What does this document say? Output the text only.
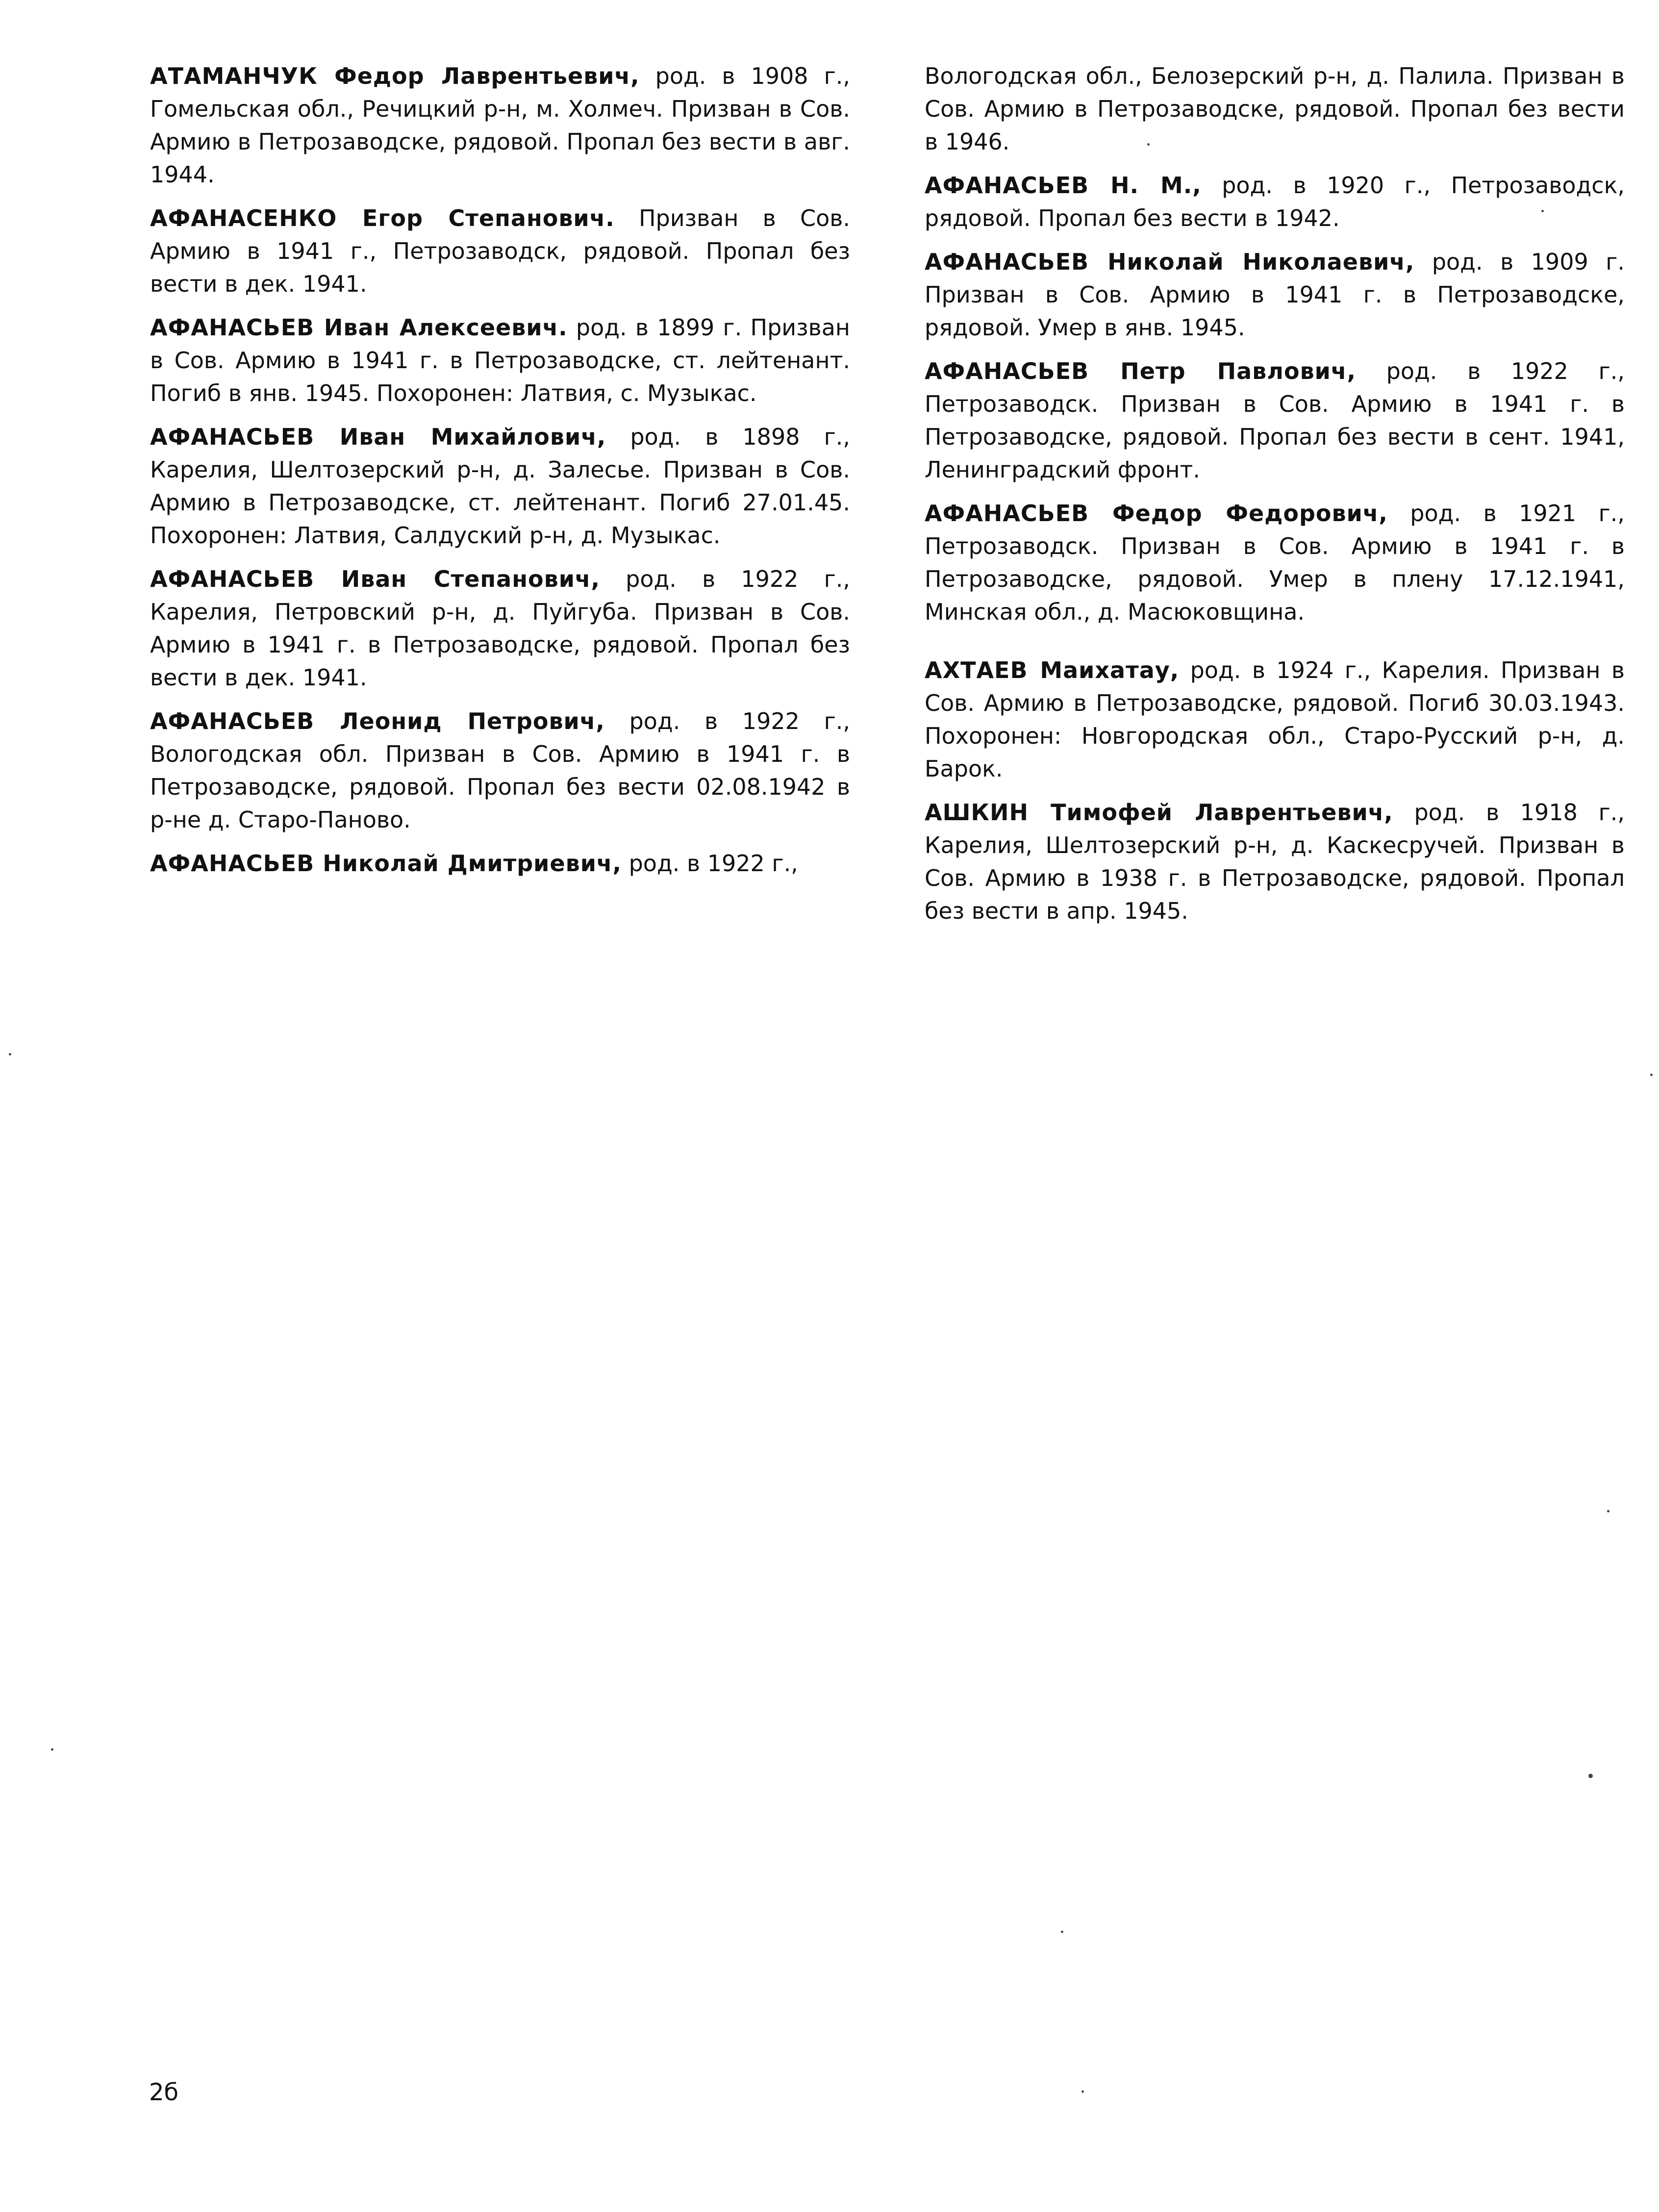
АТАМАНЧУК Федор Лаврентьевич, род. в 1908 г., Гомельская обл., Речицкий р-н, м. Холмеч. Призван в Сов. Армию в Петрозаводске, рядовой. Пропал без вести в авг. 1944.

АФАНАСЕНКО Егор Степанович. Призван в Сов. Армию в 1941 г., Петрозаводск, рядовой. Пропал без вести в дек. 1941.

АФАНАСЬЕВ Иван Алексеевич. род. в 1899 г. Призван в Сов. Армию в 1941 г. в Петрозаводске, ст. лейтенант. Погиб в янв. 1945. Похоронен: Латвия, с. Музыкас.

АФАНАСЬЕВ Иван Михайлович, род. в 1898 г., Карелия, Шелтозерский р-н, д. Залесье. Призван в Сов. Армию в Петрозаводске, ст. лейтенант. Погиб 27.01.45. Похоронен: Латвия, Салдуский р-н, д. Музыкас.

АФАНАСЬЕВ Иван Степанович, род. в 1922 г., Карелия, Петровский р-н, д. Пуйгуба. Призван в Сов. Армию в 1941 г. в Петрозаводске, рядовой. Пропал без вести в дек. 1941.

АФАНАСЬЕВ Леонид Петрович, род. в 1922 г., Вологодская обл. Призван в Сов. Армию в 1941 г. в Петрозаводске, рядовой. Пропал без вести 02.08.1942 в р-не д. Старо-Паново.

АФАНАСЬЕВ Николай Дмитриевич, род. в 1922 г.,

Вологодская обл., Белозерский р-н, д. Палила. Призван в Сов. Армию в Петрозаводске, рядовой. Пропал без вести в 1946.

АФАНАСЬЕВ Н. М., род. в 1920 г., Петрозаводск, рядовой. Пропал без вести в 1942.

АФАНАСЬЕВ Николай Николаевич, род. в 1909 г. Призван в Сов. Армию в 1941 г. в Петрозаводске, рядовой. Умер в янв. 1945.

АФАНАСЬЕВ Петр Павлович, род. в 1922 г., Петрозаводск. Призван в Сов. Армию в 1941 г. в Петрозаводске, рядовой. Пропал без вести в сент. 1941, Ленинградский фронт.

АФАНАСЬЕВ Федор Федорович, род. в 1921 г., Петрозаводск. Призван в Сов. Армию в 1941 г. в Петрозаводске, рядовой. Умер в плену 17.12.1941, Минская обл., д. Масюковщина.

АХТАЕВ Маихатау, род. в 1924 г., Карелия. Призван в Сов. Армию в Петрозаводске, рядовой. Погиб 30.03.1943. Похоронен: Новгородская обл., Старо-Русский р-н, д. Барок.

АШКИН Тимофей Лаврентьевич, род. в 1918 г., Карелия, Шелтозерский р-н, д. Каскесручей. Призван в Сов. Армию в 1938 г. в Петрозаводске, рядовой. Пропал без вести в апр. 1945.

2б
